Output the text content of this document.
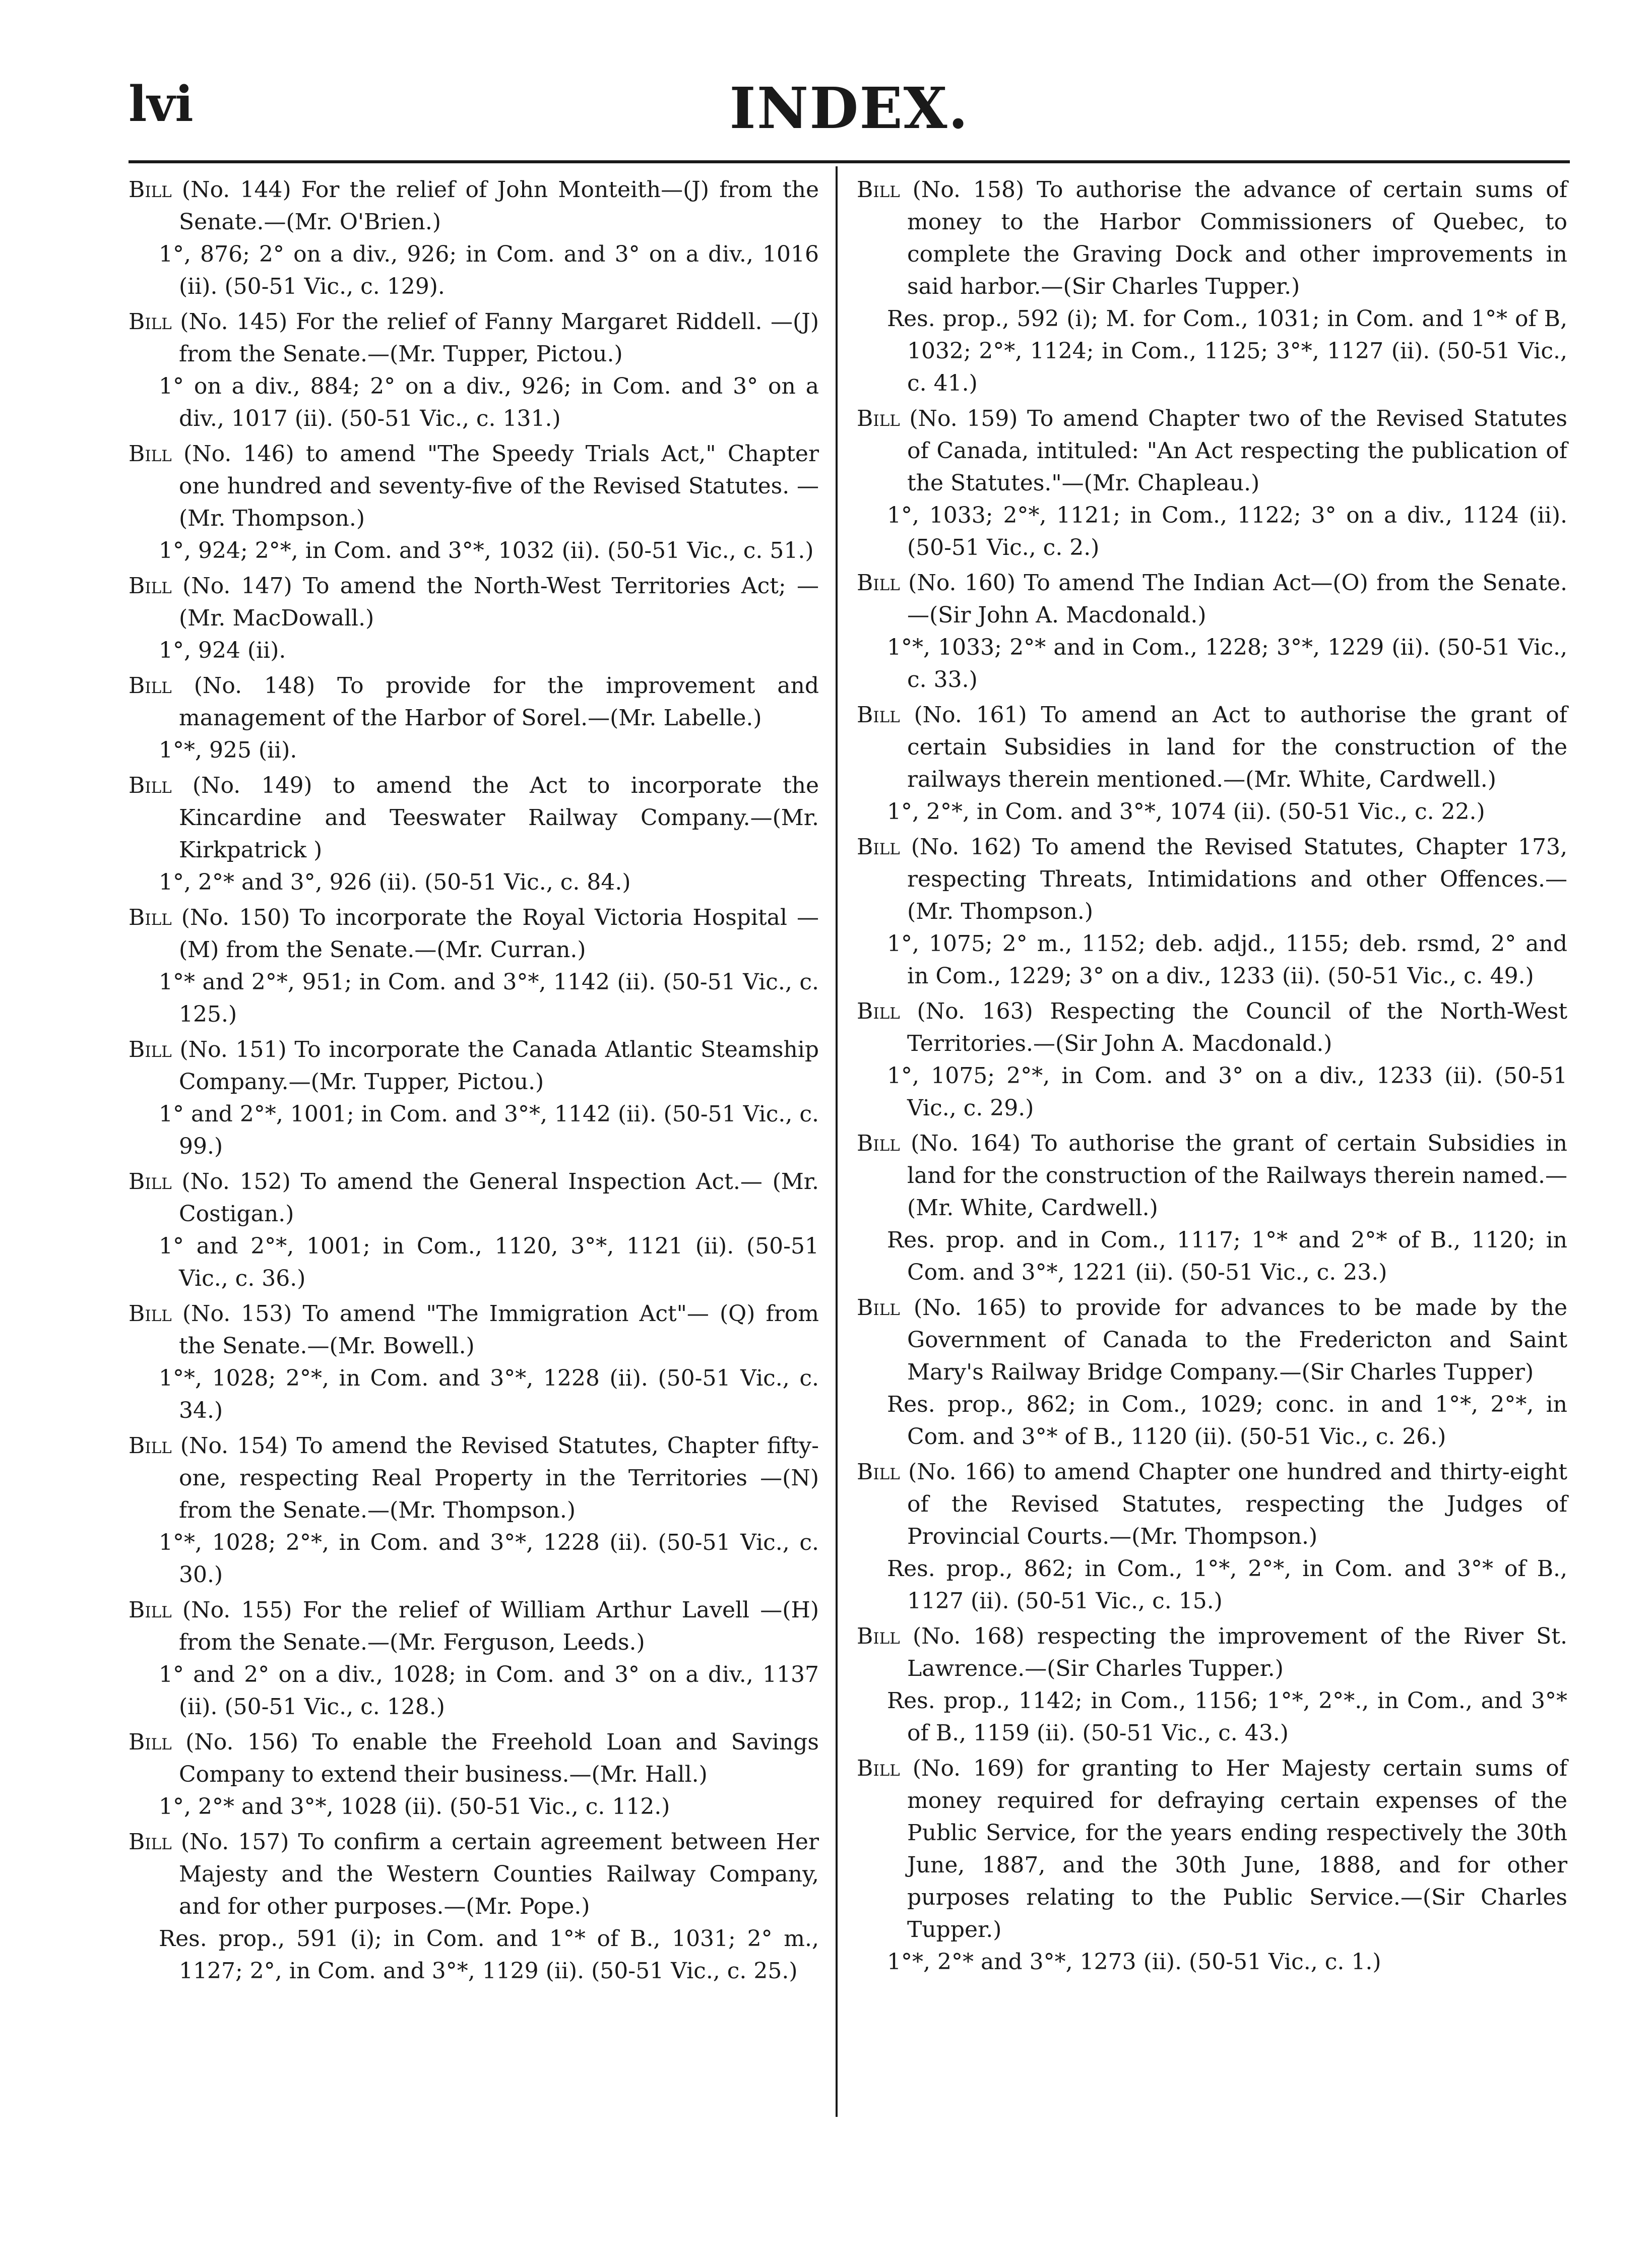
lvi	INDEX.

Bill (No. 144) For the relief of John Monteith—(J) from the Senate.—(Mr. O'Brien.)

1°, 876; 2° on a div., 926; in Com. and 3° on a div., 1016 (ii). (50-51 Vic., c. 129).

Bill (No. 145) For the relief of Fanny Margaret Riddell. —(J) from the Senate.—(Mr. Tupper, Pictou.)

1° on a div., 884; 2° on a div., 926; in Com. and 3° on a div., 1017 (ii). (50-51 Vic., c. 131.)

Bill (No. 146) to amend "The Speedy Trials Act," Chapter one hundred and seventy-five of the Revised Statutes. —(Mr. Thompson.)

1°, 924; 2°*, in Com. and 3°*, 1032 (ii). (50-51 Vic., c. 51.)

Bill (No. 147) To amend the North-West Territories Act; — (Mr. MacDowall.)

1°, 924 (ii).

Bill (No. 148) To provide for the improvement and management of the Harbor of Sorel.—(Mr. Labelle.)

1°*, 925 (ii).

Bill (No. 149) to amend the Act to incorporate the Kincardine and Teeswater Railway Company.—(Mr. Kirkpatrick )

1°, 2°* and 3°, 926 (ii). (50-51 Vic., c. 84.)

Bill (No. 150) To incorporate the Royal Victoria Hospital —(M) from the Senate.—(Mr. Curran.)

1°* and 2°*, 951; in Com. and 3°*, 1142 (ii). (50-51 Vic., c. 125.)

Bill (No. 151) To incorporate the Canada Atlantic Steamship Company.—(Mr. Tupper, Pictou.)

1° and 2°*, 1001; in Com. and 3°*, 1142 (ii). (50-51 Vic., c. 99.)

Bill (No. 152) To amend the General Inspection Act.— (Mr. Costigan.)

1° and 2°*, 1001; in Com., 1120, 3°*, 1121 (ii). (50-51 Vic., c. 36.)

Bill (No. 153) To amend "The Immigration Act"— (Q) from the Senate.—(Mr. Bowell.)

1°*, 1028; 2°*, in Com. and 3°*, 1228 (ii). (50-51 Vic., c. 34.)

Bill (No. 154) To amend the Revised Statutes, Chapter fifty-one, respecting Real Property in the Territories —(N) from the Senate.—(Mr. Thompson.)

1°*, 1028; 2°*, in Com. and 3°*, 1228 (ii). (50-51 Vic., c. 30.)

Bill (No. 155) For the relief of William Arthur Lavell —(H) from the Senate.—(Mr. Ferguson, Leeds.)

1° and 2° on a div., 1028; in Com. and 3° on a div., 1137 (ii). (50-51 Vic., c. 128.)

Bill (No. 156) To enable the Freehold Loan and Savings Company to extend their business.—(Mr. Hall.)

1°, 2°* and 3°*, 1028 (ii). (50-51 Vic., c. 112.)

Bill (No. 157) To confirm a certain agreement between Her Majesty and the Western Counties Railway Company, and for other purposes.—(Mr. Pope.)

Res. prop., 591 (i); in Com. and 1°* of B., 1031; 2° m., 1127; 2°, in Com. and 3°*, 1129 (ii). (50-51 Vic., c. 25.)

Bill (No. 158) To authorise the advance of certain sums of money to the Harbor Commissioners of Quebec, to complete the Graving Dock and other improvements in said harbor.—(Sir Charles Tupper.)

Res. prop., 592 (i); M. for Com., 1031; in Com. and 1°* of B, 1032; 2°*, 1124; in Com., 1125; 3°*, 1127 (ii). (50-51 Vic., c. 41.)

Bill (No. 159) To amend Chapter two of the Revised Statutes of Canada, intituled: "An Act respecting the publication of the Statutes."—(Mr. Chapleau.)

1°, 1033; 2°*, 1121; in Com., 1122; 3° on a div., 1124 (ii). (50-51 Vic., c. 2.)

Bill (No. 160) To amend The Indian Act—(O) from the Senate.—(Sir John A. Macdonald.)

1°*, 1033; 2°* and in Com., 1228; 3°*, 1229 (ii). (50-51 Vic., c. 33.)

Bill (No. 161) To amend an Act to authorise the grant of certain Subsidies in land for the construction of the railways therein mentioned.—(Mr. White, Cardwell.)

1°, 2°*, in Com. and 3°*, 1074 (ii). (50-51 Vic., c. 22.)

Bill (No. 162) To amend the Revised Statutes, Chapter 173, respecting Threats, Intimidations and other Offences.— (Mr. Thompson.)

1°, 1075; 2° m., 1152; deb. adjd., 1155; deb. rsmd, 2° and in Com., 1229; 3° on a div., 1233 (ii). (50-51 Vic., c. 49.)

Bill (No. 163) Respecting the Council of the North-West Territories.—(Sir John A. Macdonald.)

1°, 1075; 2°*, in Com. and 3° on a div., 1233 (ii). (50-51 Vic., c. 29.)

Bill (No. 164) To authorise the grant of certain Subsidies in land for the construction of the Railways therein named.—(Mr. White, Cardwell.)

Res. prop. and in Com., 1117; 1°* and 2°* of B., 1120; in Com. and 3°*, 1221 (ii). (50-51 Vic., c. 23.)

Bill (No. 165) to provide for advances to be made by the Government of Canada to the Fredericton and Saint Mary's Railway Bridge Company.—(Sir Charles Tupper)

Res. prop., 862; in Com., 1029; conc. in and 1°*, 2°*, in Com. and 3°* of B., 1120 (ii). (50-51 Vic., c. 26.)

Bill (No. 166) to amend Chapter one hundred and thirty-eight of the Revised Statutes, respecting the Judges of Provincial Courts.—(Mr. Thompson.)

Res. prop., 862; in Com., 1°*, 2°*, in Com. and 3°* of B., 1127 (ii). (50-51 Vic., c. 15.)

Bill (No. 168) respecting the improvement of the River St. Lawrence.—(Sir Charles Tupper.)

Res. prop., 1142; in Com., 1156; 1°*, 2°*., in Com., and 3°* of B., 1159 (ii). (50-51 Vic., c. 43.)

Bill (No. 169) for granting to Her Majesty certain sums of money required for defraying certain expenses of the Public Service, for the years ending respectively the 30th June, 1887, and the 30th June, 1888, and for other purposes relating to the Public Service.—(Sir Charles Tupper.)

1°*, 2°* and 3°*, 1273 (ii). (50-51 Vic., c. 1.)
